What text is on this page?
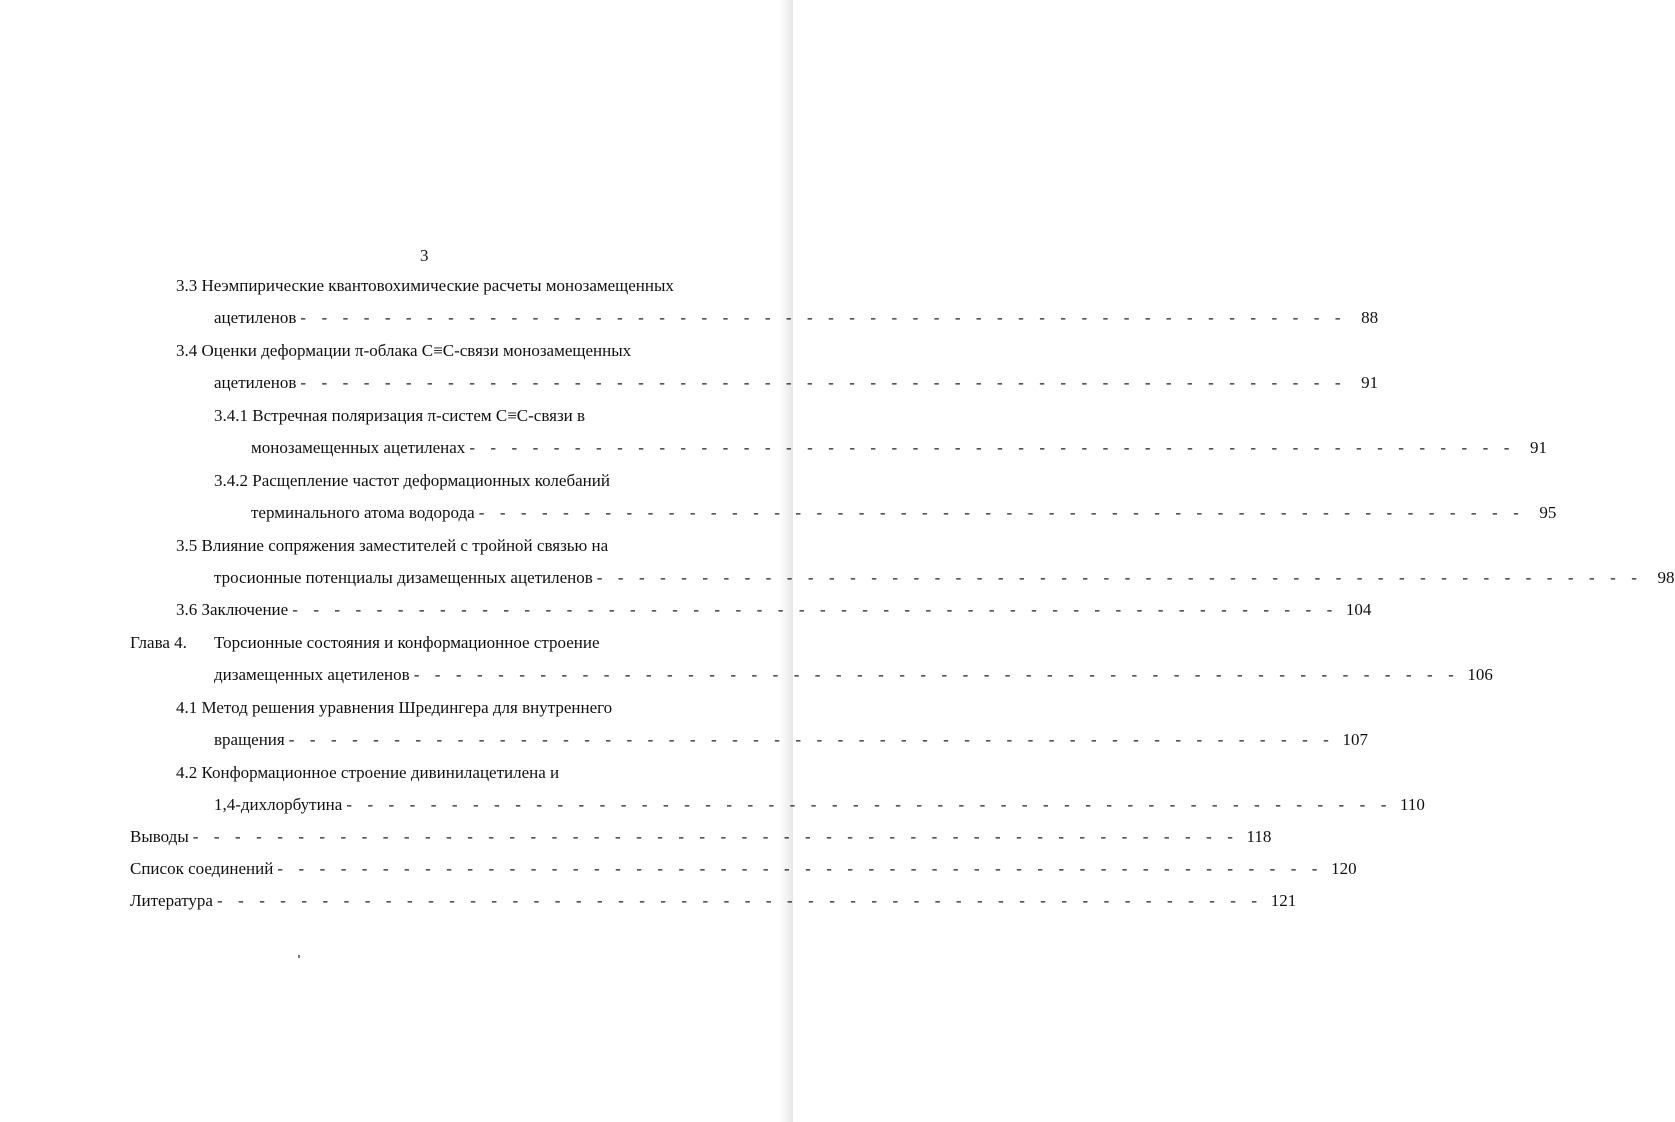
3
3.3 Неэмпирические квантовохимические расчеты монозамещенных
ацетиленов - - - - - - - - - - - - - - - - - - - - - - - - - - - - - - - - - - - - - - - - - - - - - - - - - - 88
3.4 Оценки деформации π-облака C≡C-связи монозамещенных
ацетиленов - - - - - - - - - - - - - - - - - - - - - - - - - - - - - - - - - - - - - - - - - - - - - - - - - - 91
3.4.1 Встречная поляризация π-систем C≡C-связи в
монозамещенных ацетиленах - - - - - - - - - - - - - - - - - - - - - - - - - - - - - - - - - - - - - - - - - - - - - - - - - - 91
3.4.2 Расщепление частот деформационных колебаний
терминального атома водорода - - - - - - - - - - - - - - - - - - - - - - - - - - - - - - - - - - - - - - - - - - - - - - - - - - 95
3.5 Влияние сопряжения заместителей с тройной связью на
тросионные потенциалы дизамещенных ацетиленов - - - - - - - - - - - - - - - - - - - - - - - - - - - - - - - - - - - - - - - - - - - - - - - - - - 98
3.6 Заключение - - - - - - - - - - - - - - - - - - - - - - - - - - - - - - - - - - - - - - - - - - - - - - - - - - 104
Глава 4. Торсионные состояния и конформационное строение
дизамещенных ацетиленов - - - - - - - - - - - - - - - - - - - - - - - - - - - - - - - - - - - - - - - - - - - - - - - - - - 106
4.1 Метод решения уравнения Шредингера для внутреннего
вращения - - - - - - - - - - - - - - - - - - - - - - - - - - - - - - - - - - - - - - - - - - - - - - - - - - 107
4.2 Конформационное строение дивинилацетилена и
1,4-дихлорбутина - - - - - - - - - - - - - - - - - - - - - - - - - - - - - - - - - - - - - - - - - - - - - - - - - - 110
Выводы - - - - - - - - - - - - - - - - - - - - - - - - - - - - - - - - - - - - - - - - - - - - - - - - - - 118
Список соединений - - - - - - - - - - - - - - - - - - - - - - - - - - - - - - - - - - - - - - - - - - - - - - - - - - 120
Литература - - - - - - - - - - - - - - - - - - - - - - - - - - - - - - - - - - - - - - - - - - - - - - - - - - 121
